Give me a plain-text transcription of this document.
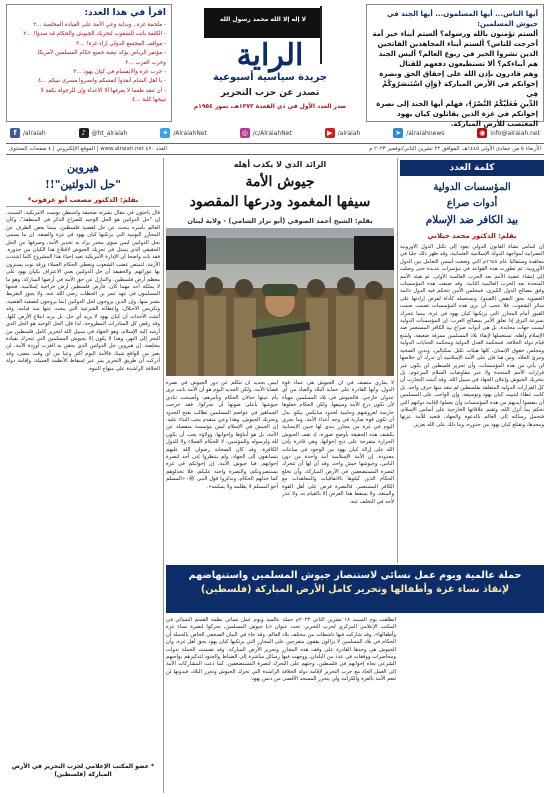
أيها الناس... أيها المسلمون... أيها الجند في
جيوش المسلمين:
ألستم تؤمنون بالله ورسوله؟ ألستم أبناء خير أمة
أخرجت للناس؟ ألستم أبناء المجاهدين الفاتحين
الذين نشروا الخير في ربوع العالم؟ أليس الجند
هم أبناءكم؟ ألا تستطيعون دفعهم للقتال
وهم قادرون بإذن الله على إحقاق الحق ونصرة
إخوانكم في الأرض المباركة ﴿وَإِنِ اسْتَنصَرُوكُمْ فِي
الدِّينِ فَعَلَيْكُمُ النَّصْرُ﴾، فهلم أيها الجند إلى نصرة
إخوانكم في غزة الذين يقاتلون كيان يهود
المغتصب للأرض المباركة.
لا إله إلا الله محمد رسول الله
الراية
جريدة سياسية أسبوعية
تصدر عن حزب التحرير
صدر العدد الأول في ذي القعدة ١٣٧٣هـ، تموز ١٩٥٤م
اقرأ في هذا العدد:
- ملحمة غزة.. وبداية وعي الأمة على القيادة المخلصة ...٢
- الكلمة باتت للشعوب لتحريك الجيوش والحكام قد صدوا! ...٢
- مواقف المجتمع الدولي إزاء غزة! ...٣
- مؤتمر الرياض يؤكد تبعية جميع حكام المسلمين لأمريكا
وحرب الغرب ...٣
- حرب غزة والانقسام في كيان يهود ...٣
- يا أهل الشام أنقذوا أنفسكم وانصروا مسرى نبيكم ...٤
- أن تنقد طعما لا يعرفها ألا الأعداء وإن للرجولة بكفة لا
تبيحها كلية ...٤
◉ info@alraiah.net
➤ /alraiahnews
▶ /alraiah
◎ /c/AlraiahNet
✦ /AlraiahNet
♪ @ht_alraiah
f	/alraiah
الأربعاء ٥ من جمادى الأولى ١٤٤٥هـ، الموافق ٢٢ تشرين الثاني/نوفمبر ٢٠٢٣ م
العدد ٤٧٠ www.alraiah.net | الموقع الإلكتروني | ٤ صفحات المحتوى
هيروين
"حل الدولتين"!!
بقلم: الدكتور مصعب أبو عرقوب*
قال باحثون في مقال نشرته صحيفة واشنطن بوست الأمريكية، السبت، إن "حل الدولتين هو الحل الوحيد للصراع الدائر في المنطقة"، وكأن العالم بأسره يبحث عن حل لقضية فلسطين، بينما يغض الطرف عن المجازر اليومية التي يرتكبها كيان يهود في غزة والضفة. إن ما يسمى بحل الدولتين ليس سوى مخدر يراد به تخدير الأمة، وصرفها عن الحل الحقيقي الذي يتمثل في تحريك الجيوش لاقتلاع هذا الكيان من جذوره. فقد بات واضحا أن الإدارة الأمريكية تعيد إحياء هذا المشروع كلما اشتدت الأزمة، لتمتص غضب الشعوب وتعطي الحكام العملاء ورقة توت يسترون بها عوراتهم. والحقيقة أن حل الدولتين يعني الاعتراف بكيان يهود على معظم أرض فلسطين، والتنازل عن حق الأمة في أرضها المباركة، وهو ما لا يملكه أحد مهما كان. فأرض فلسطين أرض خراجية إسلامية، فتحها المسلمون في عهد عمر بن الخطاب رضي الله عنه، ولا يجوز التفريط بشبر منها. وإن الذين يروجون لحل الدولتين إنما يروجون لتصفية القضية، وتكريس الاحتلال، وإعطائه الشرعية التي يبحث عنها منذ قيامه. وقد أثبتت الأحداث أن كيان يهود لا يريد أي حل، بل يريد ابتلاع الأرض كلها، وقد رفض كل المبادرات المطروحة. لذا فإن الحل الوحيد هو الحل الذي أرشد إليه الإسلام، وهو الجهاد في سبيل الله لتحرير كامل فلسطين من البحر إلى النهر، وهذا لا يكون إلا بجيوش المسلمين التي تتحرك بقيادة مخلصة. إن هيروين حل الدولتين الذي يحقن به الغرب أوردة الأمة، لن يغير من الواقع شيئا، فالأمة اليوم أكثر وعيا من أي وقت مضى، وقد أدركت أن طريق التحرير يمر عبر إسقاط الأنظمة العميلة، وإقامة دولة الخلافة الراشدة على منهاج النبوة.
* عضو المكتب الإعلامي لحزب التحرير في الأرض المباركة (فلسطين)
الرائد الذي لا يكذب أهله
جيوش الأمة
سيفها المغمود ودرعها المقصود
بقلم: الشيخ أحمد الصوفي (أبو نزار الشامي) - ولاية لبنان
لا يماري منصف في أن الجيوش هي عماد قوة الدول، وأنها القادرة على حماية البلاد والعباد من أي عدوان خارجي. فالجيوش في بلاد المسلمين مهيأة لأن تكون درع الأمة وسيفها، ولكن الحكام جعلوها حارسة لعروشهم وحامية لحدود سايكس بيكو، بدل أن تكون قوة ضاربة في وجه أعداء الأمة. وما يجري اليوم في غزة من مجازر يندى لها جبين الإنسانية يكشف هذه الحقيقة بأوضح صورة، إذ تقف الجيوش الجرارة متفرجة على ذبح إخوانها، وهي قادرة بإذن الله على إزالة كيان يهود من الوجود في ساعات معدودة. إن الأمة الإسلامية أمة واحدة من دون الناس، وجيوشها جيش واحد، وقد آن لها أن تتحرك لنصرة المستضعفين في الأرض المباركة، وأن تخلع الحكام الذين كبلوها بالاتفاقيات والمعاهدات مع الكافر المستعمر. فالنصرة فرض على أهل القوة والمنعة، ولا يسقط هذا الفرض إلا بالقيام به، ولا عذر لأحد في التخلف عنه.
ليس بجديد أن نتكلم عن دور الجيوش في نصرة قضايا الأمة، ولكن الجديد اليوم هو أن الأمة باتت ترى بأم عينها خذلان الحكام وتآمرهم، وأصبحت تنادي جيوشها بأعلى صوتها أن تحركوا. فقد خرجت الجماهير في عواصم المسلمين تطالب بفتح الحدود وتحريك الجيوش، وهذا وعي متقدم يجب البناء عليه. إن الجيش في الإسلام ليس مؤسسة منفصلة عن الأمة، بل هو أبناؤها وإخوانها، وولاؤه يجب أن يكون لله ولرسوله وللمؤمنين، لا للحكام العملاء ولا للدول الكافرة. وقد كان الصحابة رضوان الله عليهم يتسابقون إلى الجهاد، ولم ينتظروا إذن أحد لنصرة إخوانهم. فيا جيوش الأمة، إن إخوانكم في غزة يستنصرونكم، والنصرة واجبة عليكم، فلا تخذلوهم كما خذلهم الحكام، وتذكروا قول النبي ﷺ: «المسلم أخو المسلم لا يظلمه ولا يسلمه».
كلمة العدد
المؤسسات الدولية
أدوات صراع
بيد الكافر ضد الإسلام
بقلم: الدكتور محمد جيلاني
إن أساس نشأة القانون الدولي يعود إلى تكتل الدول الأوروبية النصرانية لمواجهة الدولة الإسلامية العثمانية، وقد ظهر ذلك جليا في معاهدة وستفاليا عام ١٦٤٨م التي وضعت أسس التعامل بين الدول الأوروبية. ثم تطورت هذه القواعد في مؤتمرات عديدة حتى وصلت إلى إنشاء عصبة الأمم بعد الحرب العالمية الأولى، ثم هيئة الأمم المتحدة بعد الحرب العالمية الثانية. وقد صيغت هذه المؤسسات وفق مصالح الدول الكبرى، فمجلس الأمن تتحكم فيه الدول دائمة العضوية بحق النقض (الفيتو)، وتستعمله كأداة لفرض إرادتها على سائر الشعوب. فلا عجب أن نرى هذه المؤسسات تصمت صمت القبور أمام المجازر التي يرتكبها كيان يهود في غزة، بينما تتحرك بسرعة البرق إذا تعلق الأمر بمصالح الغرب. إن المؤسسات الدولية ليست جهات محايدة، بل هي أدوات صراع بيد الكافر المستعمر ضد الإسلام وأهله، تستعملها لإبقاء بلاد المسلمين ممزقة ضعيفة، ولمنع قيام دولة الخلافة. فمحكمة العدل الدولية ومحكمة الجنايات الدولية ومجلس حقوق الإنسان، كلها هيئات تكيل بمكيالين، وتدين الضحية وتبرئ الجلاد. ومن هنا فإن على الأمة الإسلامية أن تدرك أن خلاصها لن يأتي من هذه المؤسسات، وأن تحرير فلسطين لن يكون عبر قرارات الأمم المتحدة ولا عبر مفاوضات السلام المزعوم، بل بتحريك الجيوش وإعلان الجهاد في سبيل الله. وقد أثبتت التجارب أن كل القرارات الدولية المتعلقة بفلسطين لم تنفذ منها حرف واحد، بل كانت غطاء لتثبيت كيان يهود وتوسيعه. وإن الواجب على المسلمين أن ينفضوا أيديهم من هذه المؤسسات وأن يعملوا لإقامة دولتهم التي تحكم بما أنزل الله، وتقيم علاقاتها الخارجية على أساس الإسلام، فتحمل رسالته إلى العالم بالدعوة والجهاد، فتعيد للأمة عزتها ومجدها، وتقتلع كيان يهود من جذوره، وما ذلك على الله بعزيز.
حملة عالمية ويوم عمل نسائي لاستنصار جيوش المسلمين واستنهاضهم
لإنقاذ نساء غزة وأطفالها وتحرير كامل الأرض المباركة (فلسطين)
انطلقت يوم السبت ١٨ تشرين الثاني ٢٠٢٣م حملة عالمية ويوم عمل نسائي نظمه القسم النسائي في المكتب الإعلامي المركزي لحزب التحرير، تحت عنوان «يا جيوش المسلمين، تحركوا لنصرة نساء غزة وأطفالها»، وقد شاركت فيها ناشطات من مختلف بلاد العالم. وقد جاء في البيان الصحفي الخاص بالحملة أن الحكام في بلاد المسلمين لا يزالون يقفون متفرجين على المجازر التي يرتكبها كيان يهود بحق أهل غزة، وأن الجيوش هي وحدها القادرة على وقف هذه المجازر وتحرير الأرض المباركة. وقد تضمنت الحملة ندوات ومحاضرات ووقفات في عدد من البلدان، ووجهت فيها رسائل مباشرة إلى الضباط والجنود لتذكيرهم بواجبهم الشرعي تجاه إخوانهم في فلسطين، وحثهم على التحرك لنصرة المستضعفين. كما دعت المشاركات الأمة إلى العمل الجاد مع حزب التحرير لإقامة دولة الخلافة الراشدة التي تحرك الجيوش وتحرر البلاد، فبدونها لن تنعم الأمة بالعزة والكرامة ولن يتحرر المسجد الأقصى من دنس يهود.
